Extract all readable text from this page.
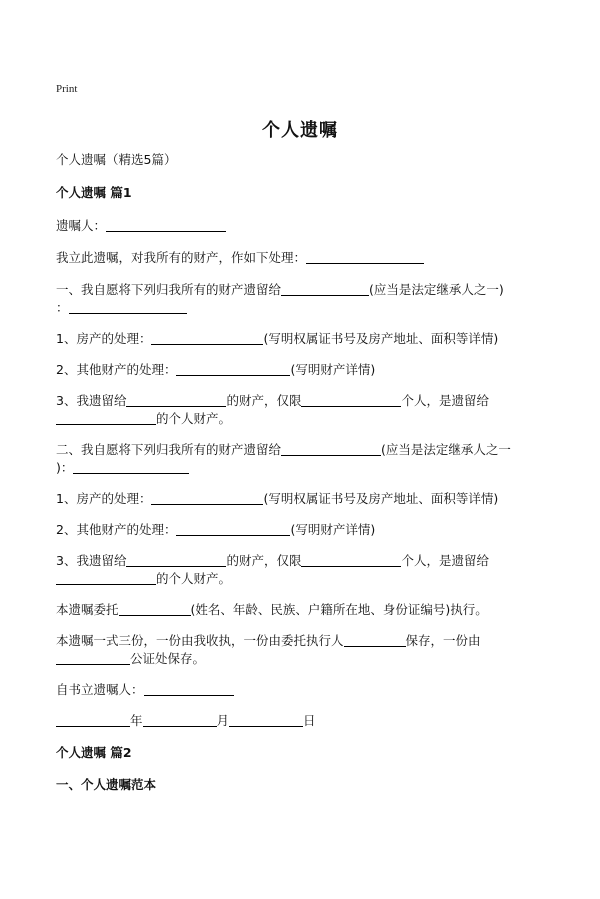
Print
个人遗嘱
个人遗嘱（精选5篇）
个人遗嘱 篇1
遗嘱人：
我立此遗嘱，对我所有的财产，作如下处理：
一、我自愿将下列归我所有的财产遗留给	(应当是法定继承人之一)
：
1、房产的处理：	(写明权属证书号及房产地址、面积等详情)
2、其他财产的处理：	(写明财产详情)
3、我遗留给	的财产，仅限	个人，是遗留给
的个人财产。
二、我自愿将下列归我所有的财产遗留给	(应当是法定继承人之一
)：
1、房产的处理：	(写明权属证书号及房产地址、面积等详情)
2、其他财产的处理：	(写明财产详情)
3、我遗留给	的财产，仅限	个人，是遗留给
的个人财产。
本遗嘱委托	(姓名、年龄、民族、户籍所在地、身份证编号)执行。
本遗嘱一式三份，一份由我收执，一份由委托执行人	保存，一份由
公证处保存。
自书立遗嘱人：
年	月	日
个人遗嘱 篇2
一、个人遗嘱范本
